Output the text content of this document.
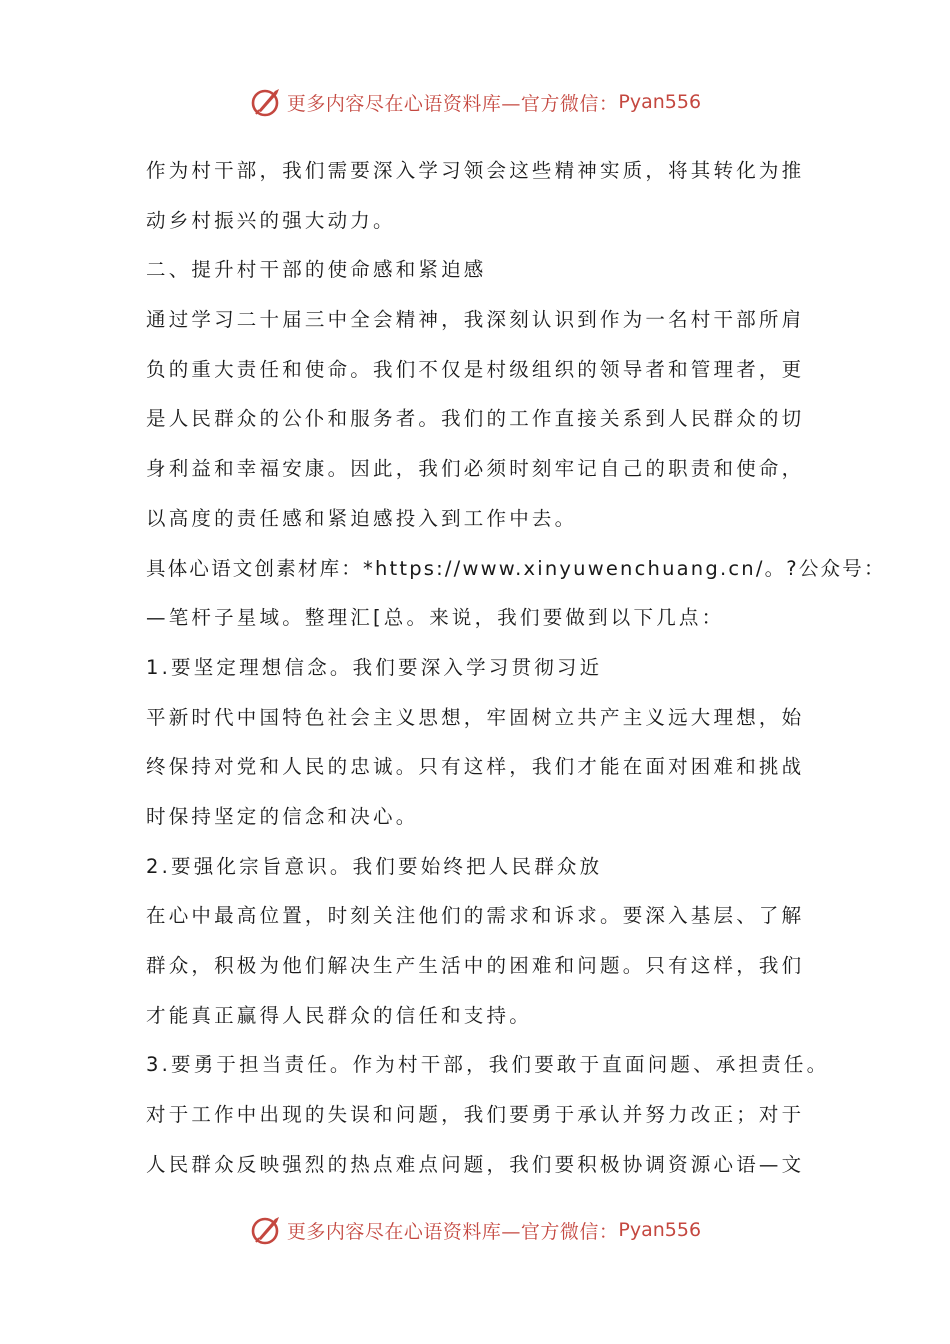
更多内容尽在心语资料库—官方微信： Pyan556
作为村干部，我们需要深入学习领会这些精神实质，将其转化为推
动乡村振兴的强大动力。
二、提升村干部的使命感和紧迫感
通过学习二十届三中全会精神，我深刻认识到作为一名村干部所肩
负的重大责任和使命。我们不仅是村级组织的领导者和管理者，更
是人民群众的公仆和服务者。我们的工作直接关系到人民群众的切
身利益和幸福安康。因此，我们必须时刻牢记自己的职责和使命，
以高度的责任感和紧迫感投入到工作中去。
具体心语文创素材库：*https://www.xinyuwenchuang.cn/。?公众号：
—笔杆子星域。整理汇[总。来说，我们要做到以下几点：
1.要坚定理想信念。我们要深入学习贯彻习近
平新时代中国特色社会主义思想，牢固树立共产主义远大理想，始
终保持对党和人民的忠诚。只有这样，我们才能在面对困难和挑战
时保持坚定的信念和决心。
2.要强化宗旨意识。我们要始终把人民群众放
在心中最高位置，时刻关注他们的需求和诉求。要深入基层、了解
群众，积极为他们解决生产生活中的困难和问题。只有这样，我们
才能真正赢得人民群众的信任和支持。
3.要勇于担当责任。作为村干部，我们要敢于直面问题、承担责任。
对于工作中出现的失误和问题，我们要勇于承认并努力改正；对于
人民群众反映强烈的热点难点问题，我们要积极协调资源心语—文
更多内容尽在心语资料库—官方微信： Pyan556
